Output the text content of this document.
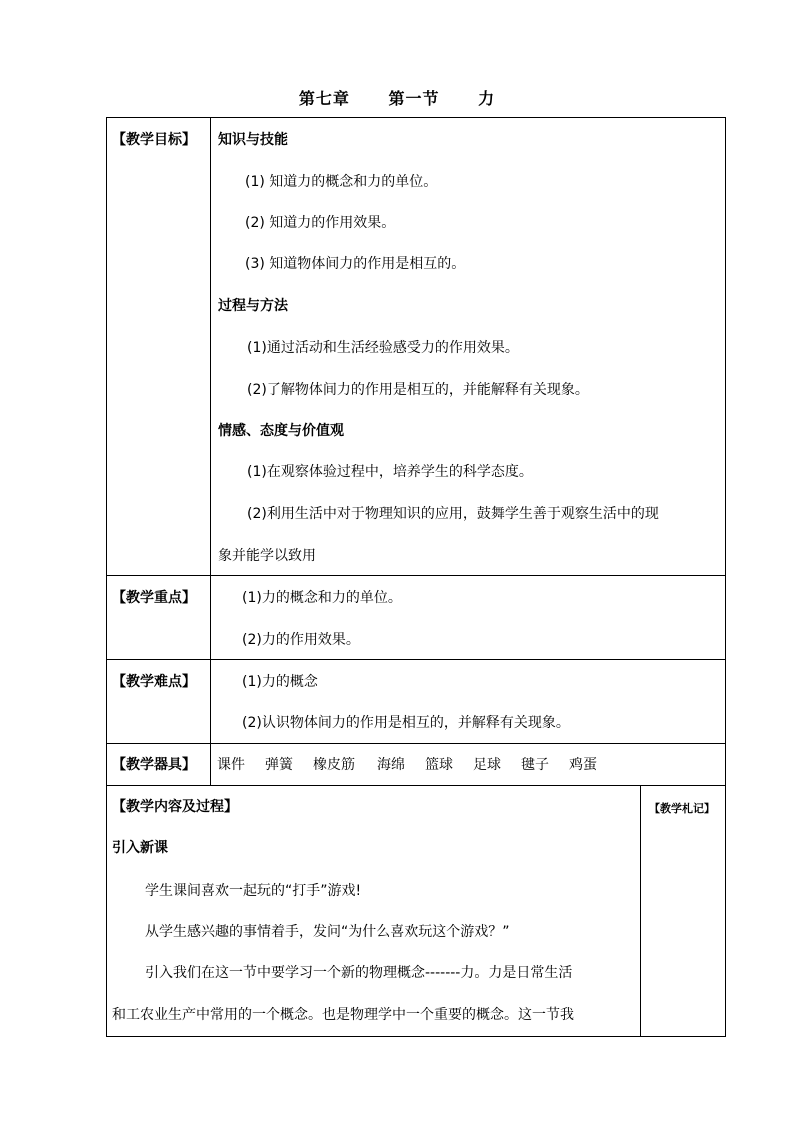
第七章 第一节 力
【教学目标】 知识与技能
(1) 知道力的概念和力的单位。
(2) 知道力的作用效果。
(3) 知道物体间力的作用是相互的。
过程与方法
(1)通过活动和生活经验感受力的作用效果。
(2)了解物体间力的作用是相互的，并能解释有关现象。
情感、态度与价值观
(1)在观察体验过程中，培养学生的科学态度。
(2)利用生活中对于物理知识的应用，鼓舞学生善于观察生活中的现
象并能学以致用
【教学重点】	(1)力的概念和力的单位。
(2)力的作用效果。
【教学难点】	(1)力的概念
(2)认识物体间力的作用是相互的，并解释有关现象。
【教学器具】 课件 弹簧 橡皮筋 海绵 篮球 足球 毽子 鸡蛋
【教学内容及过程】	【教学札记】
引入新课
学生课间喜欢一起玩的“打手”游戏!
从学生感兴趣的事情着手，发问“为什么喜欢玩这个游戏？”
引入我们在这一节中要学习一个新的物理概念-------力。力是日常生活
和工农业生产中常用的一个概念。也是物理学中一个重要的概念。这一节我
